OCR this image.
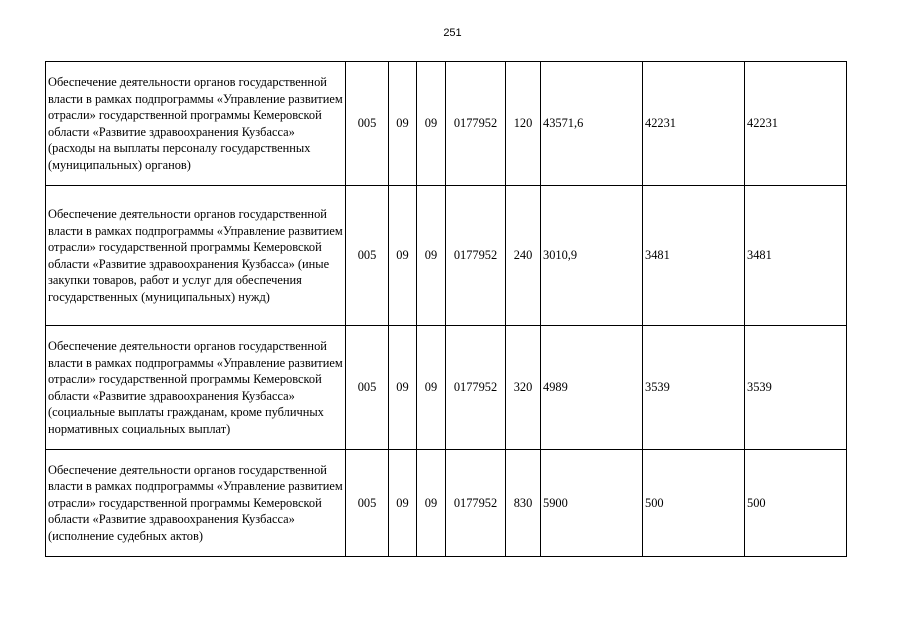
251
Обеспечение деятельности органов государственной власти в рамках подпрограммы «Управление развитием отрасли» государственной программы Кемеровской области «Развитие здравоохранения Кузбасса» (расходы на выплаты персоналу государственных (муниципальных) органов)	005	09	09	0177952	120	43571,6	42231	42231
Обеспечение деятельности органов государственной власти в рамках подпрограммы «Управление развитием отрасли» государственной программы Кемеровской области «Развитие здравоохранения Кузбасса» (иные закупки товаров, работ и услуг для обеспечения государственных (муниципальных) нужд)	005	09	09	0177952	240	3010,9	3481	3481
Обеспечение деятельности органов государственной власти в рамках подпрограммы «Управление развитием отрасли» государственной программы Кемеровской области «Развитие здравоохранения Кузбасса» (социальные выплаты гражданам, кроме публичных нормативных социальных выплат)	005	09	09	0177952	320	4989	3539	3539
Обеспечение деятельности органов государственной власти в рамках подпрограммы «Управление развитием отрасли» государственной программы Кемеровской области «Развитие здравоохранения Кузбасса» (исполнение судебных актов)	005	09	09	0177952	830	5900	500	500
